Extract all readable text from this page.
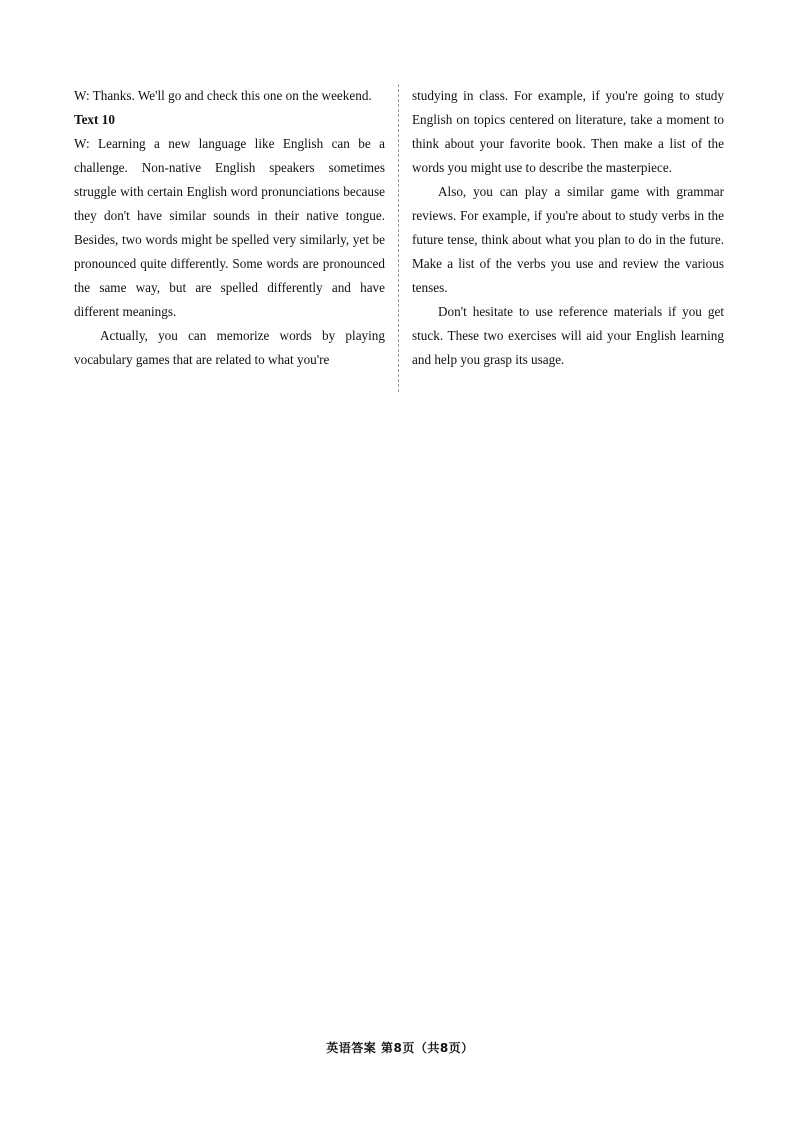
W: Thanks. We'll go and check this one on the weekend.

Text 10

W: Learning a new language like English can be a challenge. Non-native English speakers sometimes struggle with certain English word pronunciations because they don't have similar sounds in their native tongue. Besides, two words might be spelled very similarly, yet be pronounced quite differently. Some words are pronounced the same way, but are spelled differently and have different meanings.

Actually, you can memorize words by playing vocabulary games that are related to what you're

studying in class. For example, if you're going to study English on topics centered on literature, take a moment to think about your favorite book. Then make a list of the words you might use to describe the masterpiece.

Also, you can play a similar game with grammar reviews. For example, if you're about to study verbs in the future tense, think about what you plan to do in the future. Make a list of the verbs you use and review the various tenses.

Don't hesitate to use reference materials if you get stuck. These two exercises will aid your English learning and help you grasp its usage.

英语答案 第8页（共8页）
